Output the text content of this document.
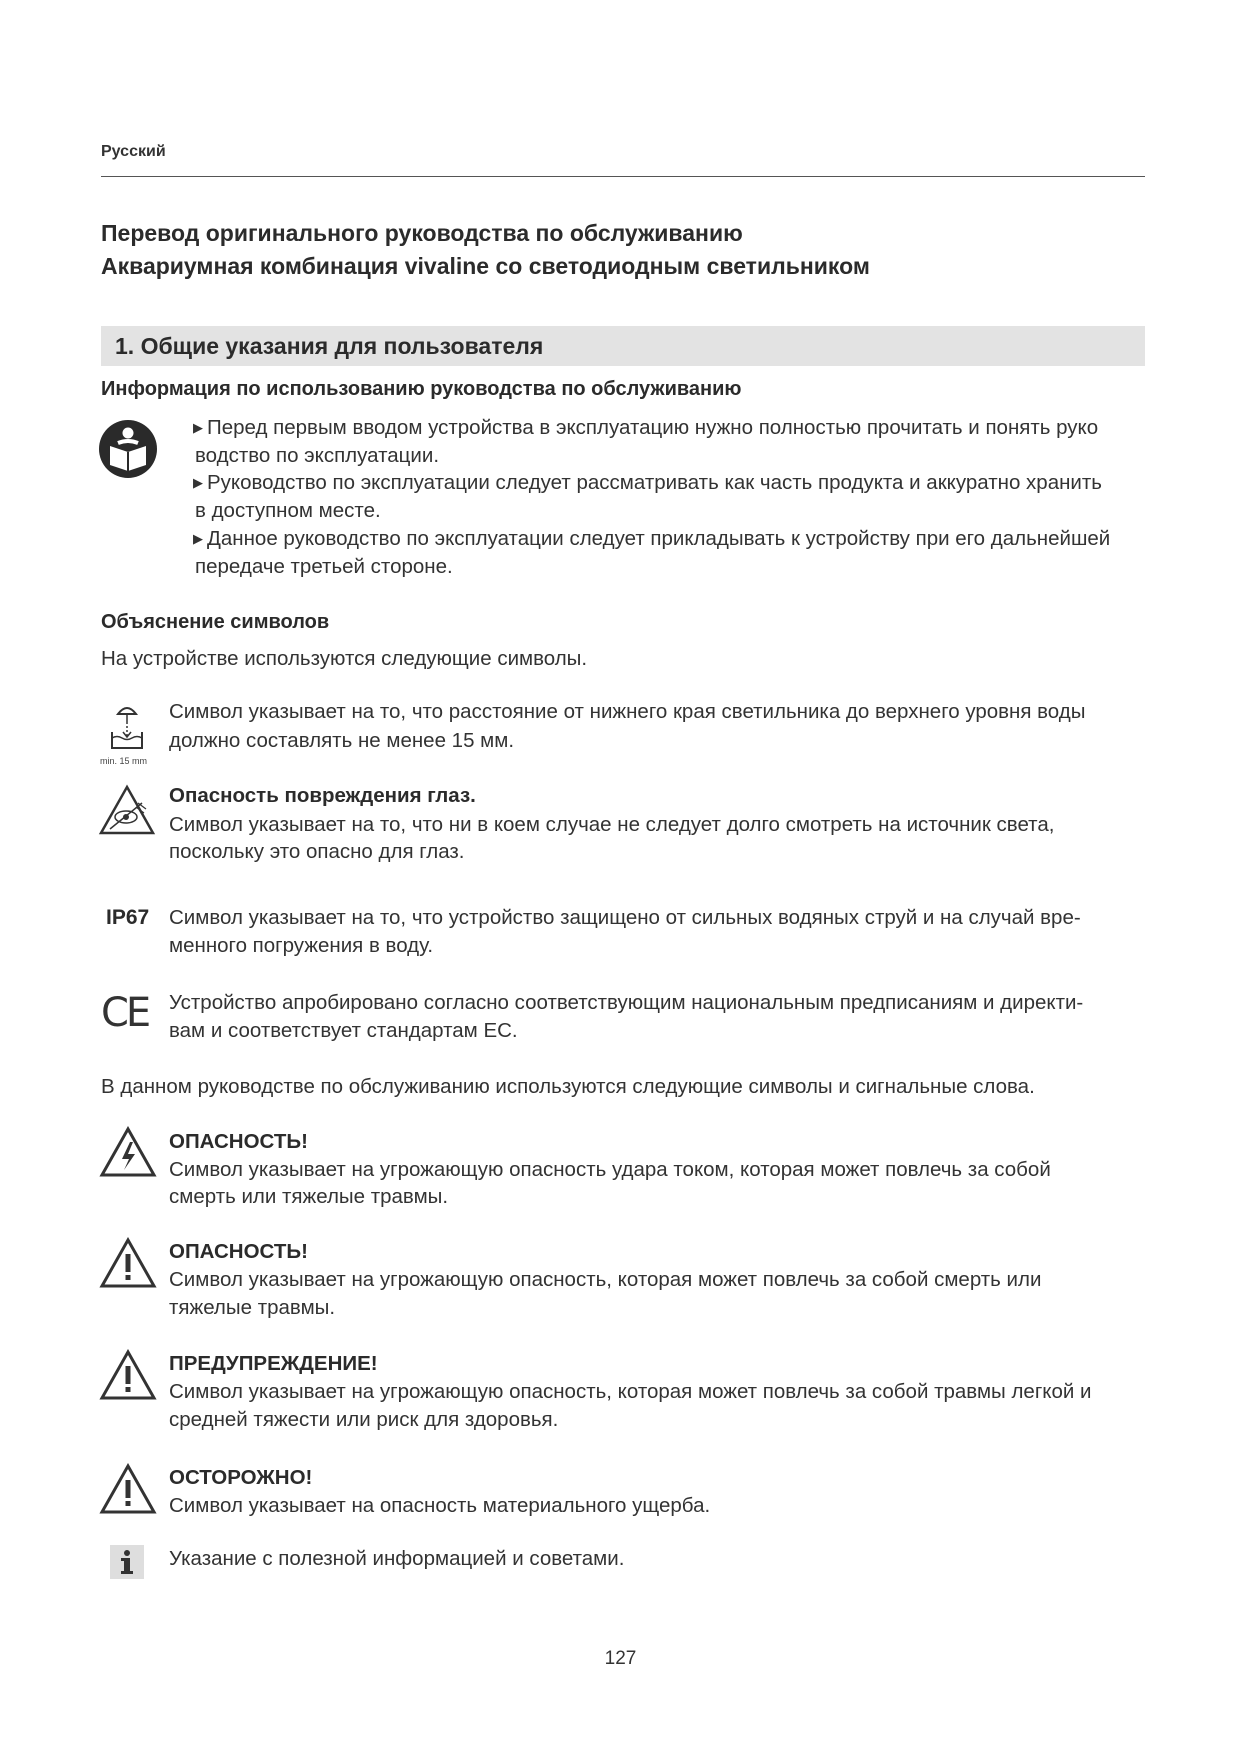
Русский
Перевод оригинального руководства по обслуживанию
Аквариумная комбинация vivaline со светодиодным светильником
1. Общие указания для пользователя
Информация по использованию руководства по обслуживанию
▶ Перед первым вводом устройства в эксплуатацию нужно полностью прочитать и понять руко
водство по эксплуатации.
▶ Руководство по эксплуатации следует рассматривать как часть продукта и аккуратно хранить
в доступном месте.
▶ Данное руководство по эксплуатации следует прикладывать к устройству при его дальнейшей
передаче третьей стороне.
Объяснение символов
На устройстве используются следующие символы.
min. 15 mm
Символ указывает на то, что расстояние от нижнего края светильника до верхнего уровня воды
должно составлять не менее 15 мм.
Опасность повреждения глаз.
Символ указывает на то, что ни в коем случае не следует долго смотреть на источник света,
поскольку это опасно для глаз.
IP67 Символ указывает на то, что устройство защищено от сильных водяных струй и на случай вре-
менного погружения в воду.
CE Устройство апробировано согласно соответствующим национальным предписаниям и директи-
вам и соответствует стандартам ЕС.
В данном руководстве по обслуживанию используются следующие символы и сигнальные слова.
ОПАСНОСТЬ!
Символ указывает на угрожающую опасность удара током, которая может повлечь за собой
смерть или тяжелые травмы.
ОПАСНОСТЬ!
Символ указывает на угрожающую опасность, которая может повлечь за собой смерть или
тяжелые травмы.
ПРЕДУПРЕЖДЕНИЕ!
Символ указывает на угрожающую опасность, которая может повлечь за собой травмы легкой и
средней тяжести или риск для здоровья.
ОСТОРОЖНО!
Символ указывает на опасность материального ущерба.
Указание с полезной информацией и советами.
127
